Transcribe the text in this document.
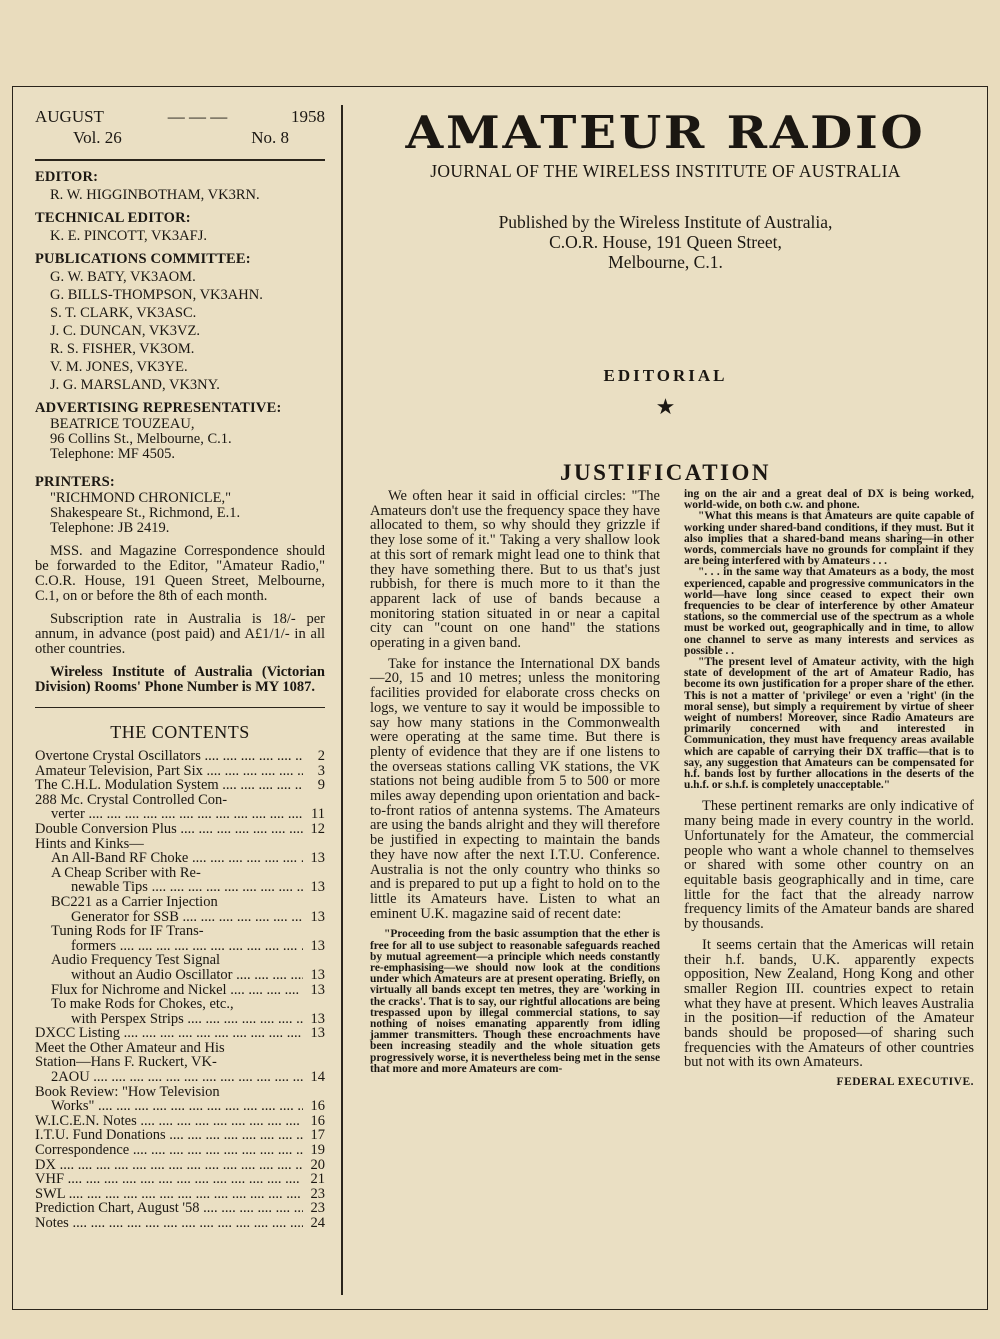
AUGUST	— — —	1958
Vol. 26	No. 8
EDITOR:
R. W. HIGGINBOTHAM, VK3RN.
TECHNICAL EDITOR:
K. E. PINCOTT, VK3AFJ.
PUBLICATIONS COMMITTEE:
G. W. BATY, VK3AOM.
G. BILLS-THOMPSON, VK3AHN.
S. T. CLARK, VK3ASC.
J. C. DUNCAN, VK3VZ.
R. S. FISHER, VK3OM.
V. M. JONES, VK3YE.
J. G. MARSLAND, VK3NY.
ADVERTISING REPRESENTATIVE:
BEATRICE TOUZEAU,
96 Collins St., Melbourne, C.1.
Telephone: MF 4505.
PRINTERS:
"RICHMOND CHRONICLE,"
Shakespeare St., Richmond, E.1.
Telephone: JB 2419.
MSS. and Magazine Correspondence should be forwarded to the Editor, "Amateur Radio," C.O.R. House, 191 Queen Street, Melbourne, C.1, on or before the 8th of each month.
Subscription rate in Australia is 18/- per annum, in advance (post paid) and A£1/1/- in all other countries.
Wireless Institute of Australia (Victorian Division) Rooms' Phone Number is MY 1087.
THE CONTENTS
Overtone Crystal Oscillators ....	2
Amateur Television, Part Six ....	3
The C.H.L. Modulation System ....	9
288 Mc. Crystal Controlled Con-
verter ....	11
Double Conversion Plus ....	12
Hints and Kinks—
An All-Band RF Choke ....	13
A Cheap Scriber with Re-
newable Tips ....	13
BC221 as a Carrier Injection
Generator for SSB ....	13
Tuning Rods for IF Trans-
formers ....	13
Audio Frequency Test Signal
without an Audio Oscillator ....	13
Flux for Nichrome and Nickel ....	13
To make Rods for Chokes, etc.,
with Perspex Strips ....	13
DXCC Listing ....	13
Meet the Other Amateur and His
Station—Hans F. Ruckert, VK-
2AOU ....	14
Book Review: "How Television
Works" ....	16
W.I.C.E.N. Notes ....	16
I.T.U. Fund Donations ....	17
Correspondence ....	19
DX ....	20
VHF ....	21
SWL ....	23
Prediction Chart, August '58 ....	23
Notes ....	24
AMATEUR RADIO
JOURNAL OF THE WIRELESS INSTITUTE OF AUSTRALIA
Published by the Wireless Institute of Australia,
C.O.R. House, 191 Queen Street,
Melbourne, C.1.
EDITORIAL
★
JUSTIFICATION

We often hear it said in official circles: "The Amateurs don't use the frequency space they have allocated to them, so why should they grizzle if they lose some of it." Taking a very shallow look at this sort of remark might lead one to think that they have something there. But to us that's just rubbish, for there is much more to it than the apparent lack of use of bands because a monitoring station situated in or near a capital city can "count on one hand" the stations operating in a given band.

Take for instance the International DX bands—20, 15 and 10 metres; unless the monitoring facilities provided for elaborate cross checks on logs, we venture to say it would be impossible to say how many stations in the Commonwealth were operating at the same time. But there is plenty of evidence that they are if one listens to the overseas stations calling VK stations, the VK stations not being audible from 5 to 500 or more miles away depending upon orientation and back-to-front ratios of antenna systems. The Amateurs are using the bands alright and they will therefore be justified in expecting to maintain the bands they have now after the next I.T.U. Conference. Australia is not the only country who thinks so and is prepared to put up a fight to hold on to the little its Amateurs have. Listen to what an eminent U.K. magazine said of recent date:

"Proceeding from the basic assumption that the ether is free for all to use subject to reasonable safeguards reached by mutual agreement—a principle which needs constantly re-emphasising—we should now look at the conditions under which Amateurs are at present operating. Briefly, on virtually all bands except ten metres, they are 'working in the cracks'. That is to say, our rightful allocations are being trespassed upon by illegal commercial stations, to say nothing of noises emanating apparently from idling jammer transmitters. Though these encroachments have been increasing steadily and the whole situation gets progressively worse, it is nevertheless being met in the sense that more and more Amateurs are com-

ing on the air and a great deal of DX is being worked, world-wide, on both c.w. and phone.

"What this means is that Amateurs are quite capable of working under shared-band conditions, if they must. But it also implies that a shared-band means sharing—in other words, commercials have no grounds for complaint if they are being interfered with by Amateurs . . .

". . . in the same way that Amateurs as a body, the most experienced, capable and progressive communicators in the world—have long since ceased to expect their own frequencies to be clear of interference by other Amateur stations, so the commercial use of the spectrum as a whole must be worked out, geographically and in time, to allow one channel to serve as many interests and services as possible . .

"The present level of Amateur activity, with the high state of development of the art of Amateur Radio, has become its own justification for a proper share of the ether. This is not a matter of 'privilege' or even a 'right' (in the moral sense), but simply a requirement by virtue of sheer weight of numbers! Moreover, since Radio Amateurs are primarily concerned with and interested in Communication, they must have frequency areas available which are capable of carrying their DX traffic—that is to say, any suggestion that Amateurs can be compensated for h.f. bands lost by further allocations in the deserts of the u.h.f. or s.h.f. is completely unacceptable."

These pertinent remarks are only indicative of many being made in every country in the world. Unfortunately for the Amateur, the commercial people who want a whole channel to themselves or shared with some other country on an equitable basis geographically and in time, care little for the fact that the already narrow frequency limits of the Amateur bands are shared by thousands.

It seems certain that the Americas will retain their h.f. bands, U.K. apparently expects opposition, New Zealand, Hong Kong and other smaller Region III. countries expect to retain what they have at present. Which leaves Australia in the position—if reduction of the Amateur bands should be proposed—of sharing such frequencies with the Amateurs of other countries but not with its own Amateurs.

FEDERAL EXECUTIVE.
